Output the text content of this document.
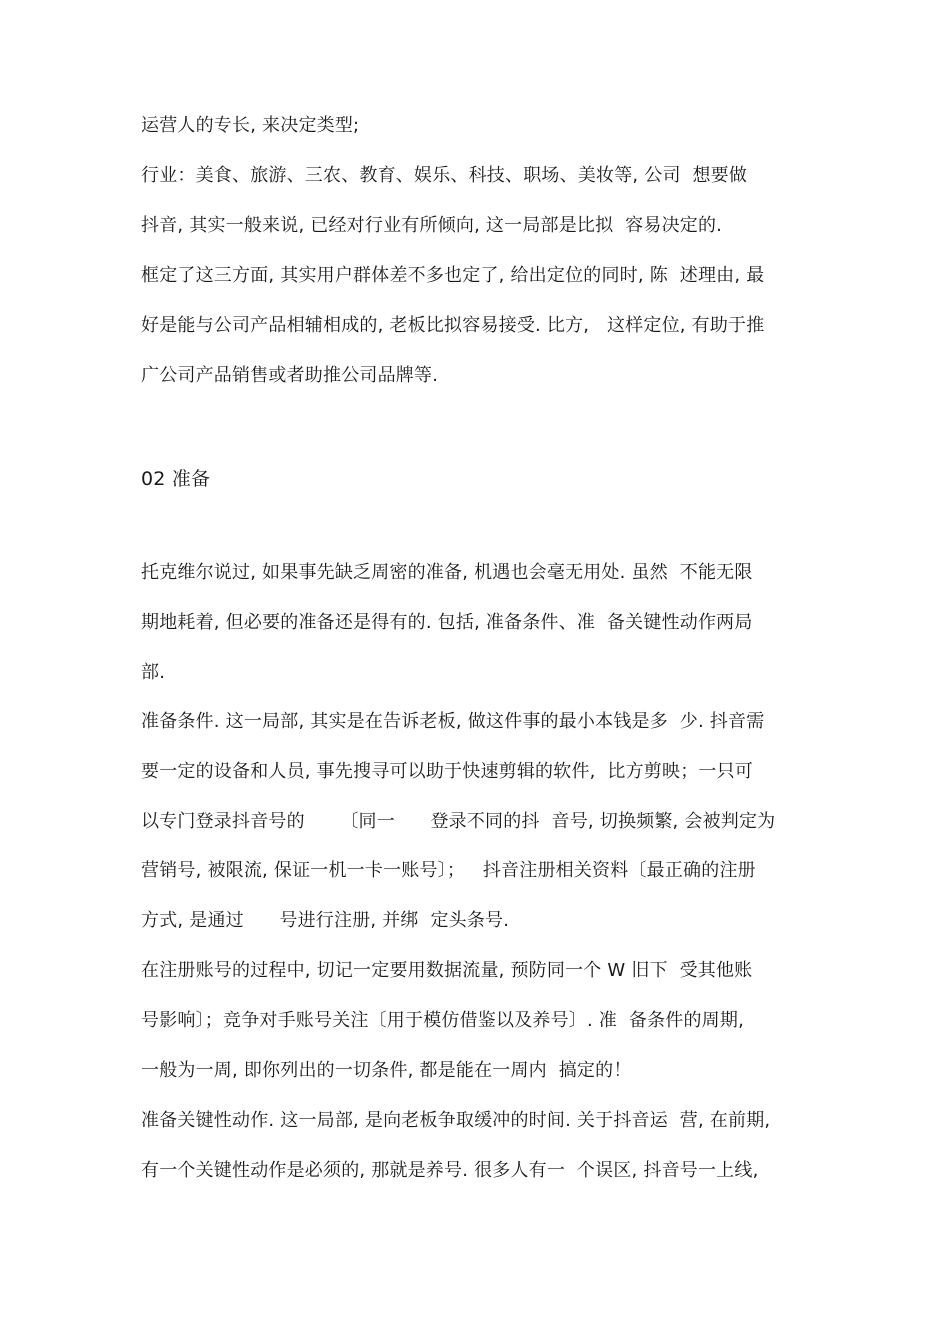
运营人的专长, 来决定类型;
行业：美食、旅游、三农、教育、娱乐、科技、职场、美妆等, 公司  想要做
抖音, 其实一般来说, 已经对行业有所倾向, 这一局部是比拟  容易决定的.
框定了这三方面, 其实用户群体差不多也定了, 给出定位的同时, 陈  述理由, 最
好是能与公司产品相辅相成的, 老板比拟容易接受. 比方,   这样定位, 有助于推
广公司产品销售或者助推公司品牌等.
02 准备
托克维尔说过, 如果事先缺乏周密的准备, 机遇也会毫无用处. 虽然  不能无限
期地耗着, 但必要的准备还是得有的. 包括, 准备条件、准  备关键性动作两局
部.
准备条件. 这一局部, 其实是在告诉老板, 做这件事的最小本钱是多  少. 抖音需
要一定的设备和人员, 事先搜寻可以助于快速剪辑的软件,  比方剪映；一只可
以专门登录抖音号的      〔同一      登录不同的抖  音号, 切换频繁, 会被判定为
营销号, 被限流, 保证一机一卡一账号〕；   抖音注册相关资料〔最正确的注册
方式, 是通过      号进行注册, 并绑  定头条号.
在注册账号的过程中, 切记一定要用数据流量, 预防同一个 W 旧下  受其他账
号影响〕；竞争对手账号关注〔用于模仿借鉴以及养号〕. 准  备条件的周期,
一般为一周, 即你列出的一切条件, 都是能在一周内  搞定的！
准备关键性动作. 这一局部, 是向老板争取缓冲的时间. 关于抖音运  营, 在前期,
有一个关键性动作是必须的, 那就是养号. 很多人有一  个误区, 抖音号一上线,
